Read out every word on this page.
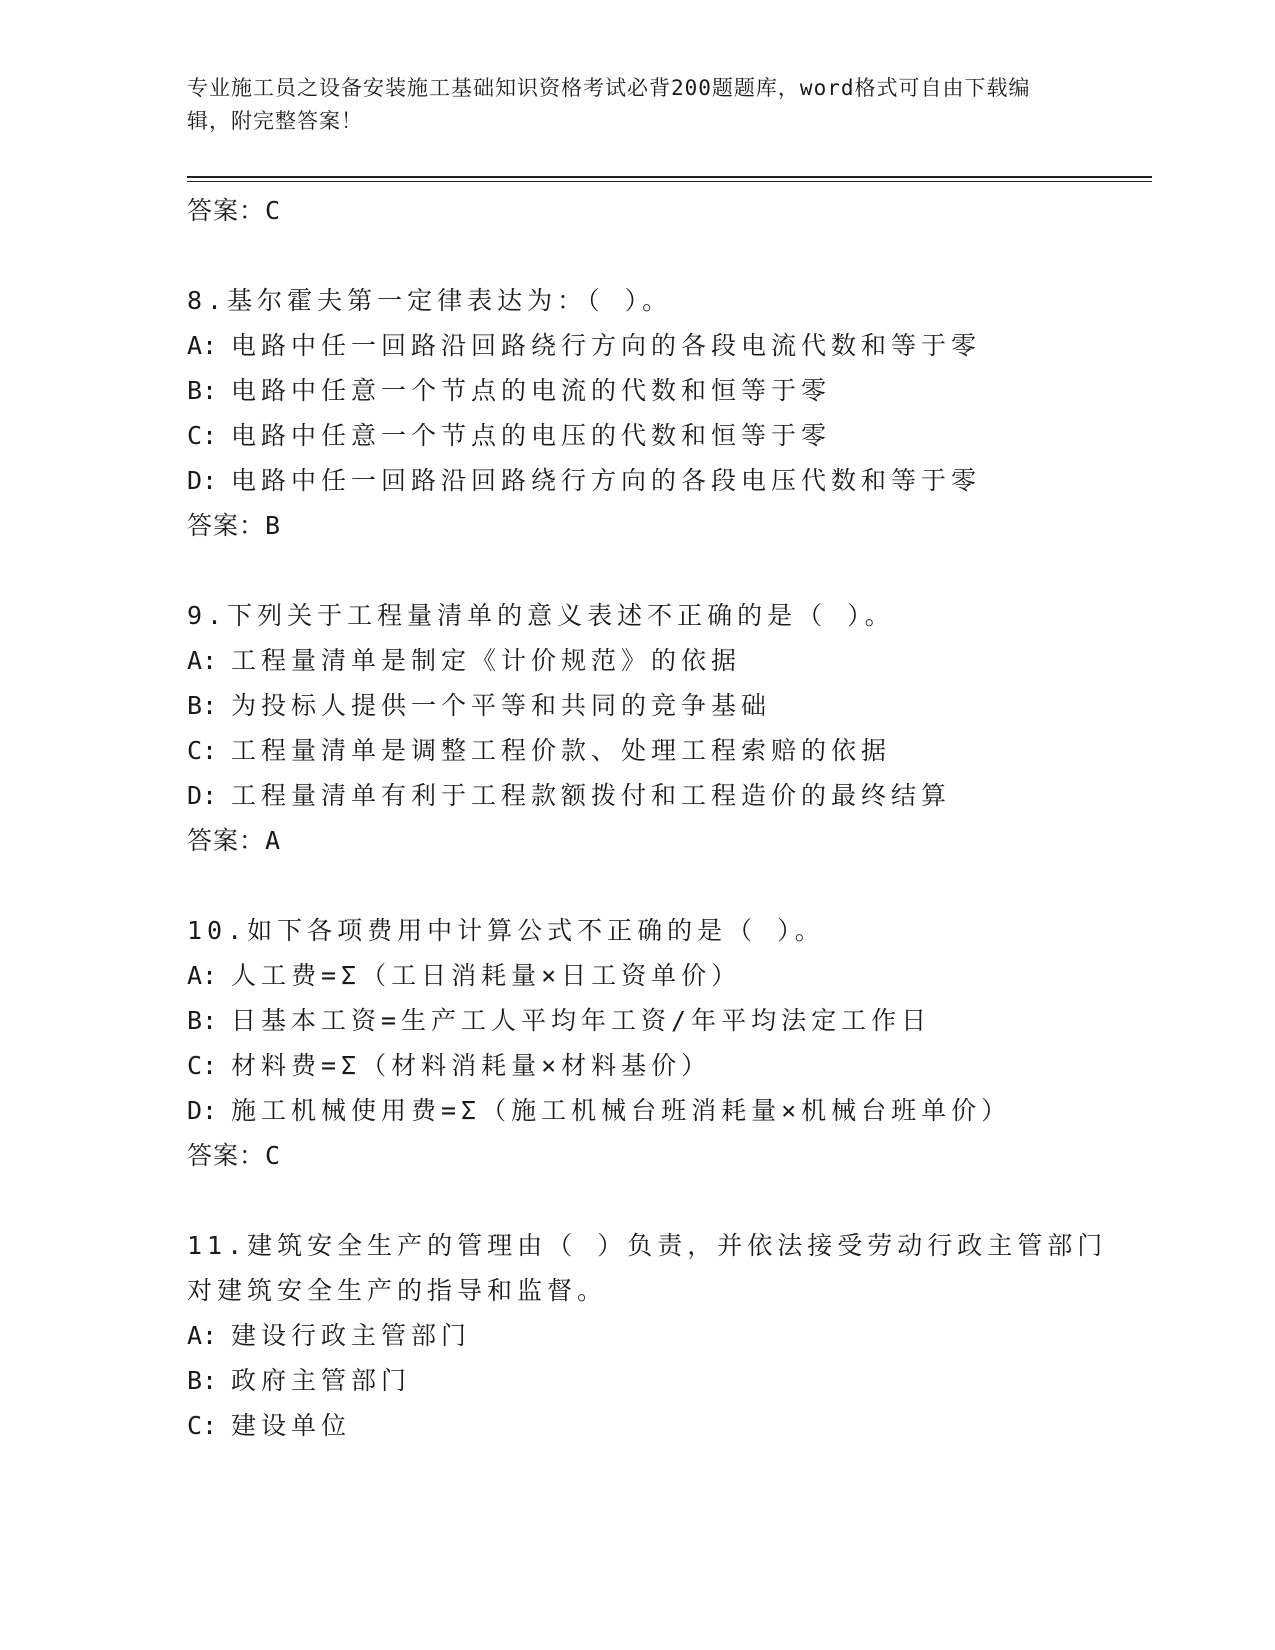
专业施工员之设备安装施工基础知识资格考试必背200题题库，word格式可自由下载编辑，附完整答案！

答案：C

8.基尔霍夫第一定律表达为：（ ）。

A: 电路中任一回路沿回路绕行方向的各段电流代数和等于零

B: 电路中任意一个节点的电流的代数和恒等于零

C: 电路中任意一个节点的电压的代数和恒等于零

D: 电路中任一回路沿回路绕行方向的各段电压代数和等于零

答案：B

9.下列关于工程量清单的意义表述不正确的是（ ）。

A: 工程量清单是制定《计价规范》的依据

B: 为投标人提供一个平等和共同的竞争基础

C: 工程量清单是调整工程价款、处理工程索赔的依据

D: 工程量清单有利于工程款额拨付和工程造价的最终结算

答案：A

10.如下各项费用中计算公式不正确的是（ ）。

A: 人工费=Σ（工日消耗量×日工资单价）

B: 日基本工资=生产工人平均年工资/年平均法定工作日

C: 材料费=Σ（材料消耗量×材料基价）

D: 施工机械使用费=Σ（施工机械台班消耗量×机械台班单价）

答案：C

11.建筑安全生产的管理由（ ）负责，并依法接受劳动行政主管部门

对建筑安全生产的指导和监督。

A: 建设行政主管部门

B: 政府主管部门

C: 建设单位
